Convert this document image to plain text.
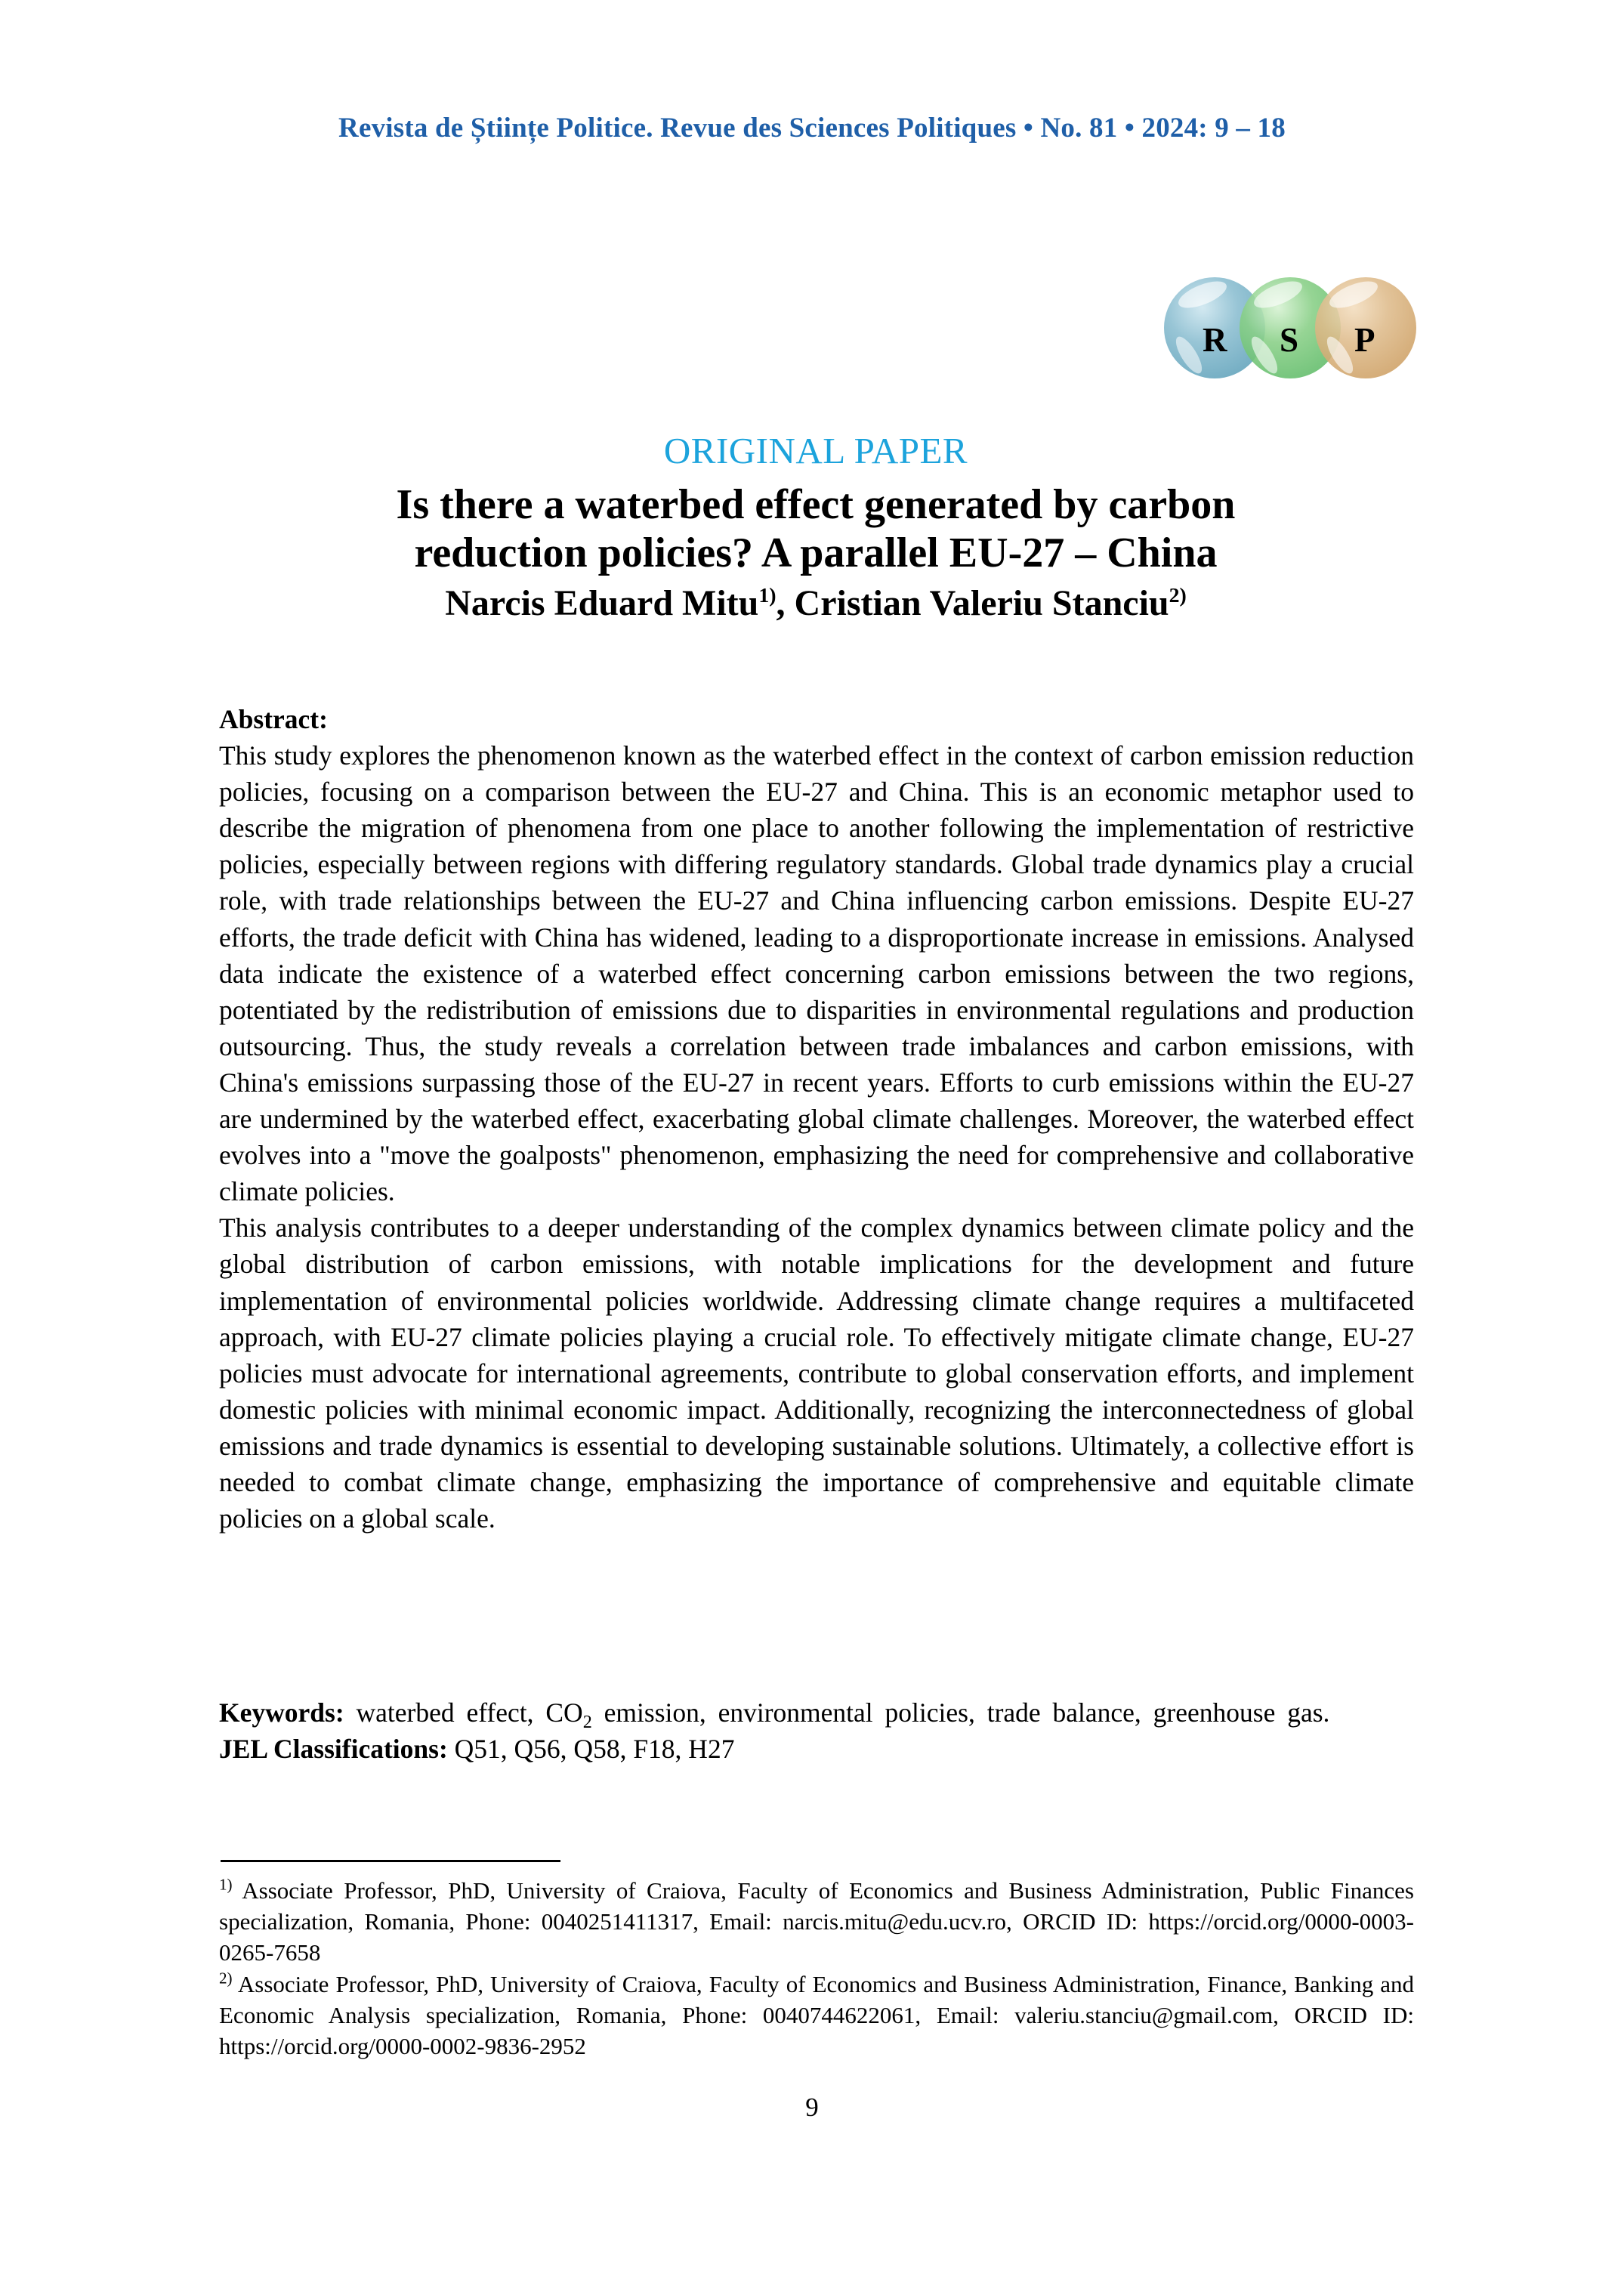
Revista de Științe Politice. Revue des Sciences Politiques • No. 81 • 2024: 9 – 18
R S P
ORIGINAL PAPER
Is there a waterbed effect generated by carbon
reduction policies? A parallel EU-27 – China
Narcis Eduard Mitu$^{1)}$, Cristian Valeriu Stanciu$^{2)}$
Abstract:

This study explores the phenomenon known as the waterbed effect in the context of carbon emission reduction policies, focusing on a comparison between the EU-27 and China. This is an economic metaphor used to describe the migration of phenomena from one place to another following the implementation of restrictive policies, especially between regions with differing regulatory standards. Global trade dynamics play a crucial role, with trade relationships between the EU-27 and China influencing carbon emissions. Despite EU-27 efforts, the trade deficit with China has widened, leading to a disproportionate increase in emissions. Analysed data indicate the existence of a waterbed effect concerning carbon emissions between the two regions, potentiated by the redistribution of emissions due to disparities in environmental regulations and production outsourcing. Thus, the study reveals a correlation between trade imbalances and carbon emissions, with China's emissions surpassing those of the EU-27 in recent years. Efforts to curb emissions within the EU-27 are undermined by the waterbed effect, exacerbating global climate challenges. Moreover, the waterbed effect evolves into a "move the goalposts" phenomenon, emphasizing the need for comprehensive and collaborative climate policies.

This analysis contributes to a deeper understanding of the complex dynamics between climate policy and the global distribution of carbon emissions, with notable implications for the development and future implementation of environmental policies worldwide. Addressing climate change requires a multifaceted approach, with EU-27 climate policies playing a crucial role. To effectively mitigate climate change, EU-27 policies must advocate for international agreements, contribute to global conservation efforts, and implement domestic policies with minimal economic impact. Additionally, recognizing the interconnectedness of global emissions and trade dynamics is essential to developing sustainable solutions. Ultimately, a collective effort is needed to combat climate change, emphasizing the importance of comprehensive and equitable climate policies on a global scale.

Keywords: waterbed effect, $CO_2$ emission, environmental policies, trade balance, greenhouse gas.

JEL Classifications: Q51, Q56, Q58, F18, H27

$^{1)}$ Associate Professor, PhD, University of Craiova, Faculty of Economics and Business Administration, Public Finances specialization, Romania, Phone: 0040251411317, Email: narcis.mitu@edu.ucv.ro, ORCID ID: https://orcid.org/0000-0003-0265-7658

$^{2)}$ Associate Professor, PhD, University of Craiova, Faculty of Economics and Business Administration, Finance, Banking and Economic Analysis specialization, Romania, Phone: 0040744622061, Email: valeriu.stanciu@gmail.com, ORCID ID: https://orcid.org/0000-0002-9836-2952

9
